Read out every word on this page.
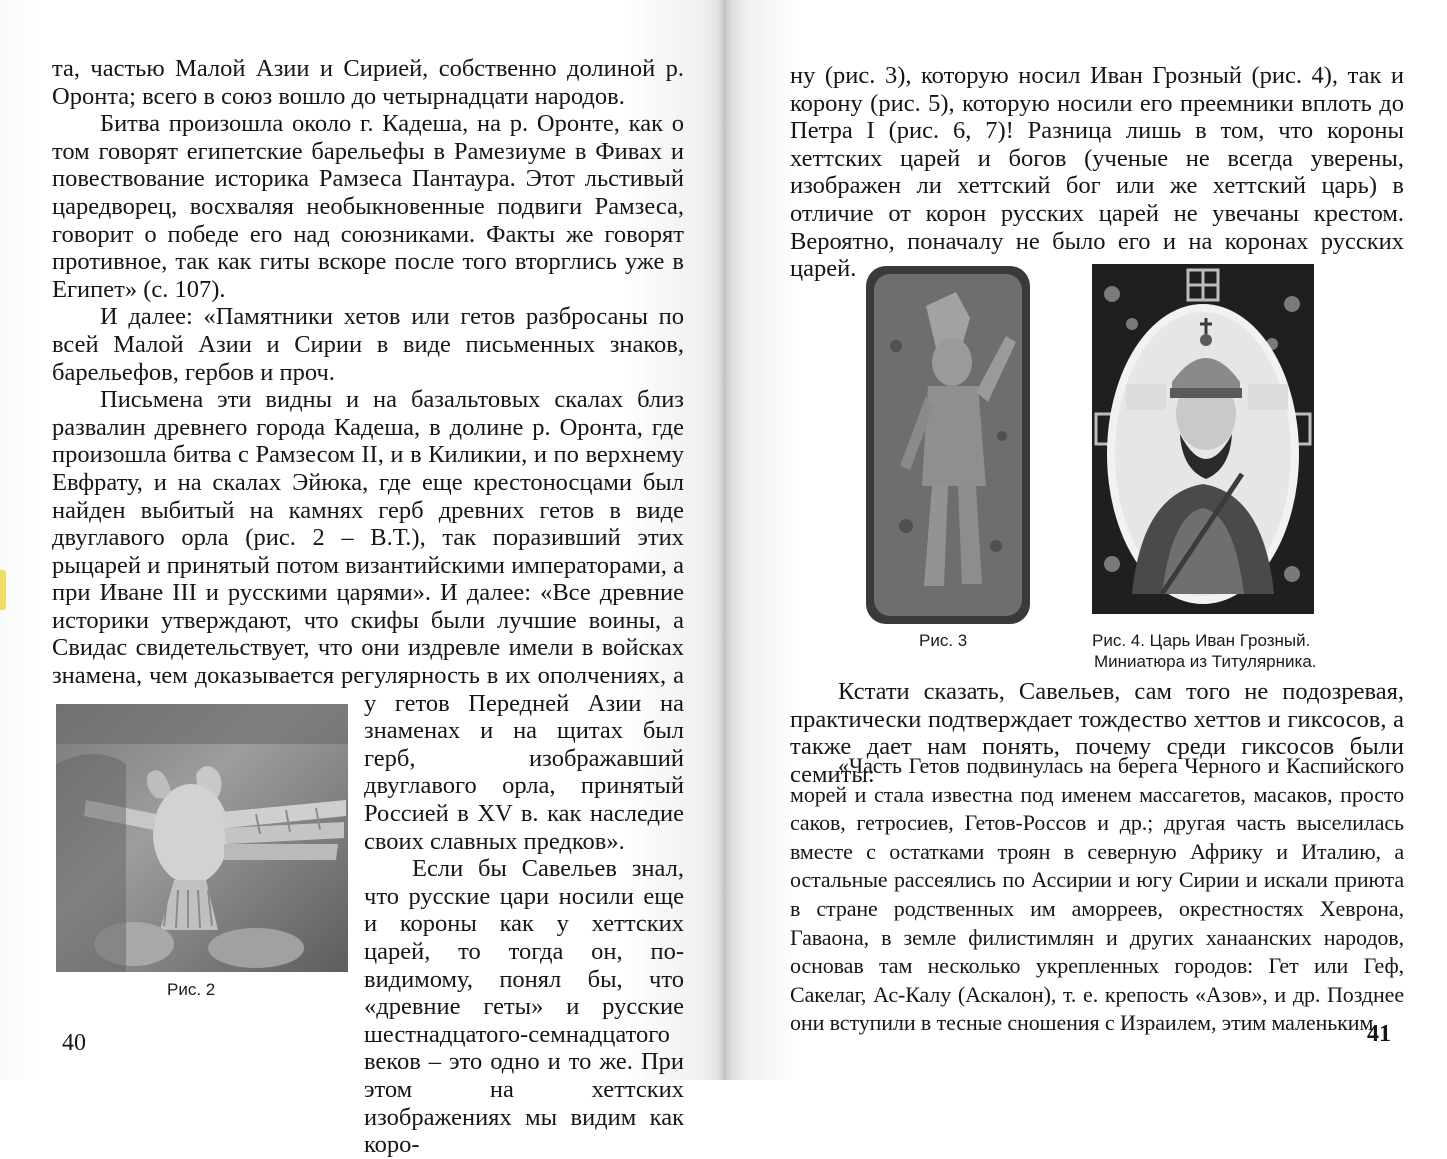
та, частью Малой Азии и Сирией, собственно долиной р. Оронта; всего в союз вошло до четырнадцати народов.

Битва произошла около г. Кадеша, на р. Оронте, как о том говорят египетские барельефы в Рамезиуме в Фивах и повествование историка Рамзеса Пантаура. Этот льстивый царедворец, восхваляя необыкновенные подвиги Рамзеса, говорит о победе его над союзниками. Факты же говорят противное, так как гиты вскоре после того вторглись уже в Египет» (с. 107).

И далее: «Памятники хетов или гетов разбросаны по всей Малой Азии и Сирии в виде письменных знаков, барельефов, гербов и проч.

Письмена эти видны и на базальтовых скалах близ развалин древнего города Кадеша, в долине р. Оронта, где произошла битва с Рамзесом II, и в Киликии, и по верхнему Евфрату, и на скалах Эйюка, где еще крестоносцами был найден выбитый на камнях герб древних гетов в виде двуглавого орла (рис. 2 – В.Т.), так поразивший этих рыцарей и принятый потом византийскими императорами, а при Иване III и русскими царями». И далее: «Все древние историки утверждают, что скифы были лучшие воины, а Свидас свидетельствует, что они издревле имели в войсках знамена, чем доказывается регулярность в их ополчениях, а у гетов Передней Азии на знаменах и на щитах был герб, изображавший двуглавого орла, принятый Россией в XV в. как наследие своих славных предков».

Если бы Савельев знал, что русские цари носили еще и короны как у хеттских царей, то тогда он, по-видимому, понял бы, что «древние геты» и русские шестнадцатого-семнадцатого веков – это одно и то же. При этом на хеттских изображениях мы видим как коро-

Рис. 2
40

ну (рис. 3), которую носил Иван Грозный (рис. 4), так и корону (рис. 5), которую носили его преемники вплоть до Петра I (рис. 6, 7)! Разница лишь в том, что короны хеттских царей и богов (ученые не всегда уверены, изображен ли хеттский бог или же хеттский царь) в отличие от корон русских царей не увечаны крестом. Вероятно, поначалу не было его и на коронах русских царей.

Рис. 3	Рис. 4. Царь Иван Грозный.
Миниатюра из Титулярника.

Кстати сказать, Савельев, сам того не подозревая, практически подтверждает тождество хеттов и гиксосов, а также дает нам понять, почему среди гиксосов были семиты:

«Часть Гетов подвинулась на берега Черного и Каспийского морей и стала известна под именем массагетов, масаков, просто саков, гетросиев, Гетов-Россов и др.; другая часть выселилась вместе с остатками троян в северную Африку и Италию, а остальные рассеялись по Ассирии и югу Сирии и искали приюта в стране родственных им аморреев, окрестностях Хеврона, Гаваона, в земле филистимлян и других ханаанских народов, основав там несколько укрепленных городов: Гет или Геф, Сакелаг, Ас-Калу (Аскалон), т. е. крепость «Азов», и др. Позднее они вступили в тесные сношения с Израилем, этим маленьким

41
